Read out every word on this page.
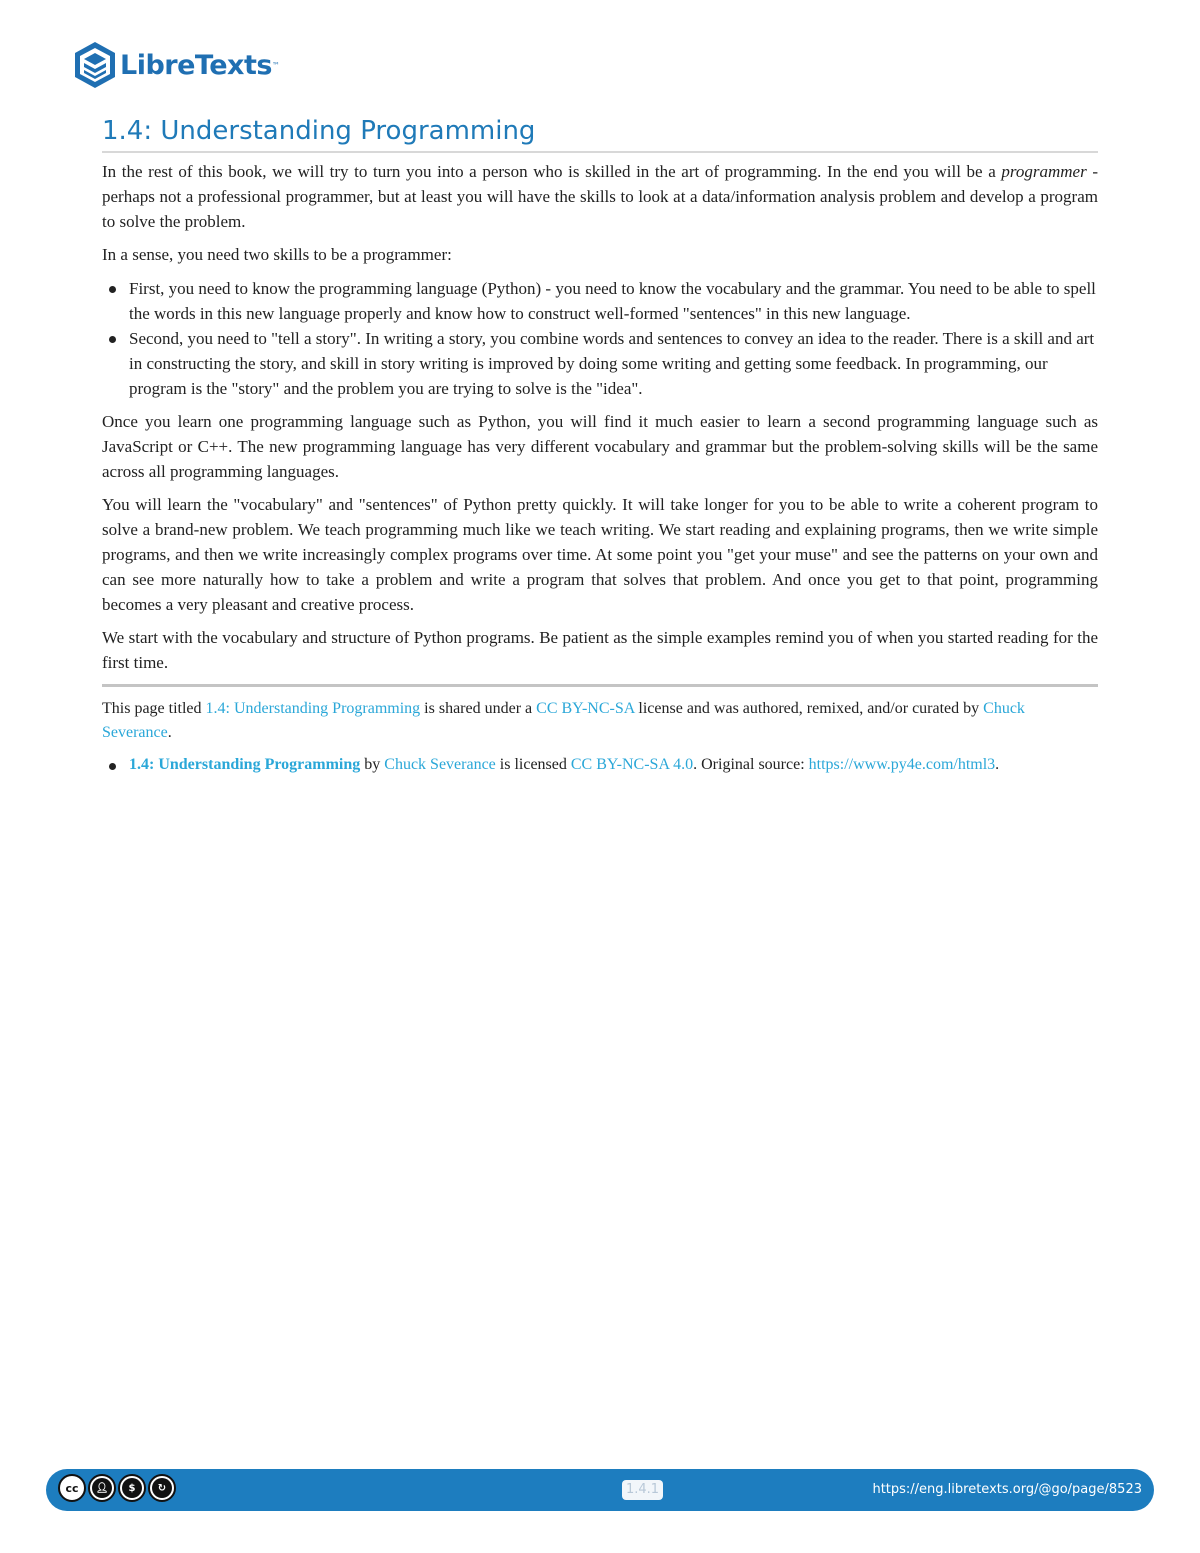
LibreTexts ™
1.4: Understanding Programming

In the rest of this book, we will try to turn you into a person who is skilled in the art of programming. In the end you will be a programmer - perhaps not a professional programmer, but at least you will have the skills to look at a data/information analysis problem and develop a program to solve the problem.

In a sense, you need two skills to be a programmer:

First, you need to know the programming language (Python) - you need to know the vocabulary and the grammar. You need to be able to spell the words in this new language properly and know how to construct well-formed "sentences" in this new language.
Second, you need to "tell a story". In writing a story, you combine words and sentences to convey an idea to the reader. There is a skill and art in constructing the story, and skill in story writing is improved by doing some writing and getting some feedback. In programming, our program is the "story" and the problem you are trying to solve is the "idea".

Once you learn one programming language such as Python, you will find it much easier to learn a second programming language such as JavaScript or C++. The new programming language has very different vocabulary and grammar but the problem-solving skills will be the same across all programming languages.

You will learn the "vocabulary" and "sentences" of Python pretty quickly. It will take longer for you to be able to write a coherent program to solve a brand-new problem. We teach programming much like we teach writing. We start reading and explaining programs, then we write simple programs, and then we write increasingly complex programs over time. At some point you "get your muse" and see the patterns on your own and can see more naturally how to take a problem and write a program that solves that problem. And once you get to that point, programming becomes a very pleasant and creative process.

We start with the vocabulary and structure of Python programs. Be patient as the simple examples remind you of when you started reading for the first time.

This page titled 1.4: Understanding Programming is shared under a CC BY-NC-SA license and was authored, remixed, and/or curated by Chuck Severance.

1.4: Understanding Programming by Chuck Severance is licensed CC BY-NC-SA 4.0. Original source: https://www.py4e.com/html3.
cc	👤︎	$	↻	1.4.1	https://eng.libretexts.org/@go/page/8523
